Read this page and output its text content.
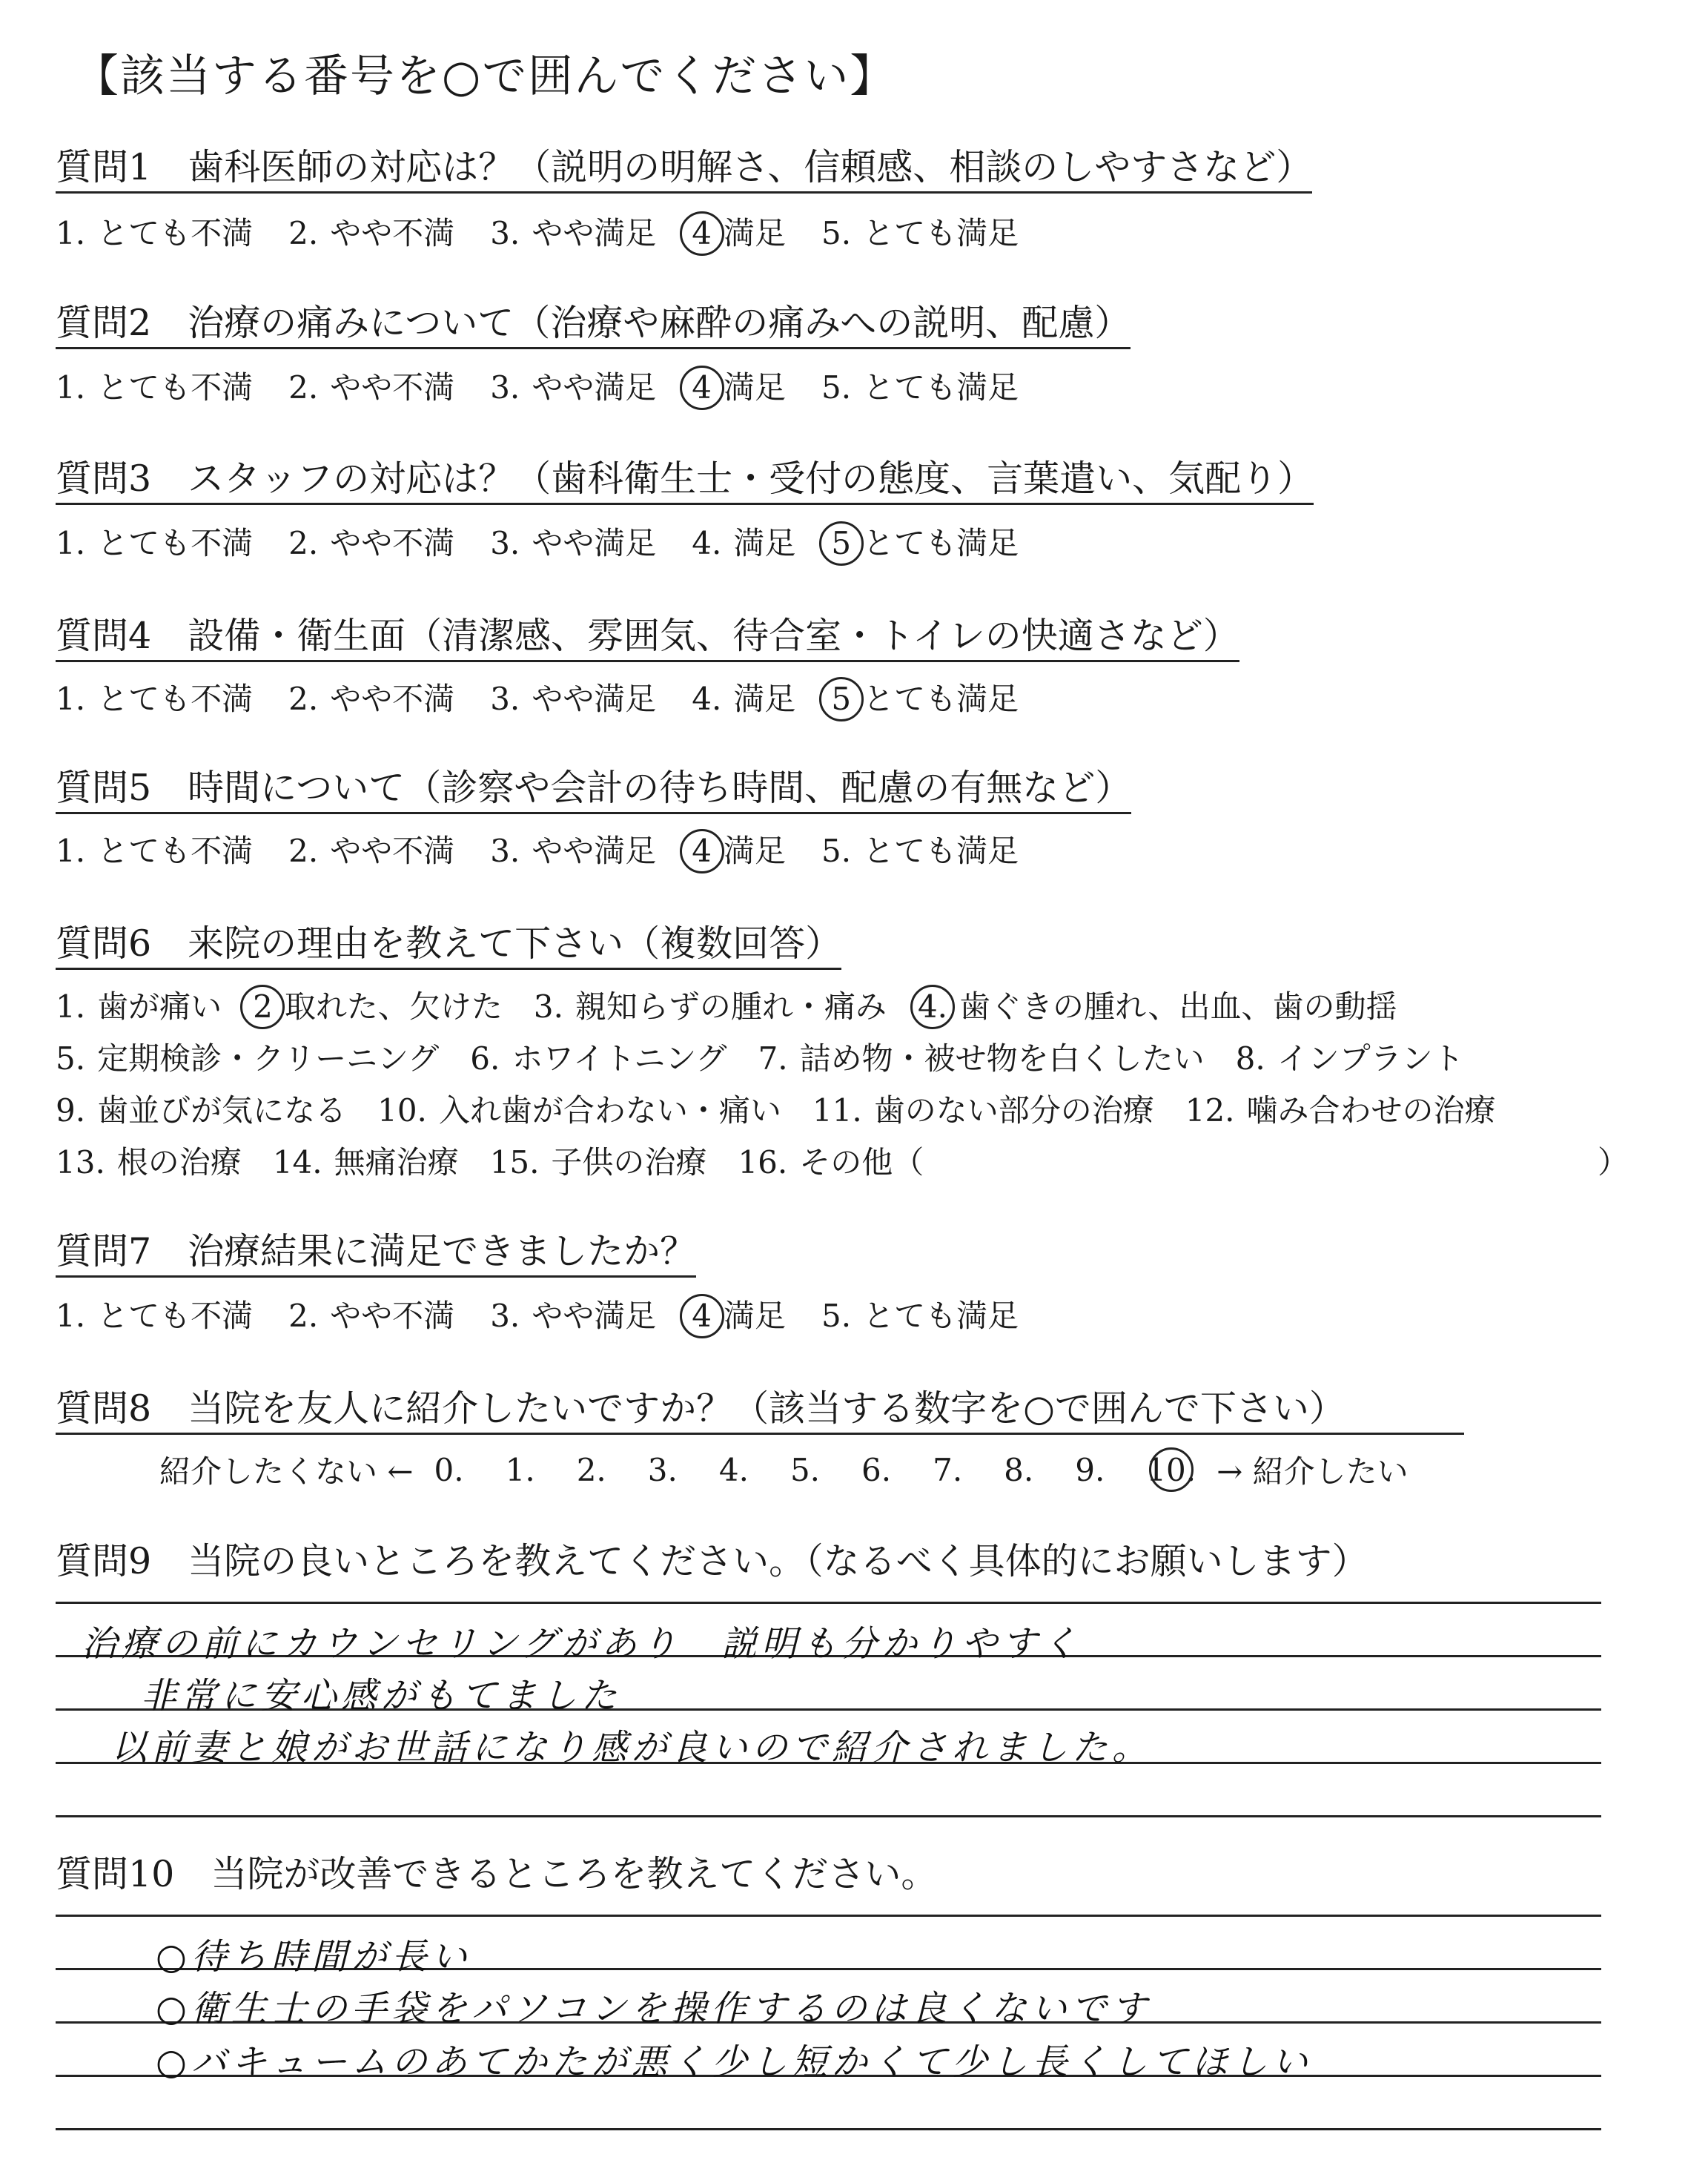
【該当する番号を○で囲んでください】
質問1　歯科医師の対応は？（説明の明解さ、信頼感、相談のしやすさなど）
1. とても不満 2. やや不満 3. やや満足 4 満足 5. とても満足
質問2　治療の痛みについて（治療や麻酔の痛みへの説明、配慮）
1. とても不満 2. やや不満 3. やや満足 4 満足 5. とても満足
質問3　スタッフの対応は？（歯科衛生士・受付の態度、言葉遣い、気配り）
1. とても不満 2. やや不満 3. やや満足 4. 満足 5 とても満足
質問4　設備・衛生面（清潔感、雰囲気、待合室・トイレの快適さなど）
1. とても不満 2. やや不満 3. やや満足 4. 満足 5 とても満足
質問5　時間について（診察や会計の待ち時間、配慮の有無など）
1. とても不満 2. やや不満 3. やや満足 4 満足 5. とても満足
質問6　来院の理由を教えて下さい（複数回答）
1. 歯が痛い 2 取れた、欠けた 3. 親知らずの腫れ・痛み 4. 歯ぐきの腫れ、出血、歯の動揺
5. 定期検診・クリーニング 6. ホワイトニング 7. 詰め物・被せ物を白くしたい 8. インプラント
9. 歯並びが気になる 10. 入れ歯が合わない・痛い 11. 歯のない部分の治療 12. 噛み合わせの治療
13. 根の治療 14. 無痛治療 15. 子供の治療 16. その他（	）
質問7　治療結果に満足できましたか？
1. とても不満 2. やや不満 3. やや満足 4 満足 5. とても満足
質問8　当院を友人に紹介したいですか？（該当する数字を○で囲んで下さい）
紹介したくない ← 0. 1. 2. 3. 4. 5. 6. 7. 8. 9. 10. → 紹介したい
質問9　当院の良いところを教えてください。（なるべく具体的にお願いします）
治療の前にカウンセリングがあり　説明も分かりやすく
非常に安心感がもてました
以前妻と娘がお世話になり感が良いので紹介されました。
質問10　当院が改善できるところを教えてください。
○待ち時間が長い
○衛生士の手袋をパソコンを操作するのは良くないです
○バキュームのあてかたが悪く少し短かくて少し長くしてほしい
